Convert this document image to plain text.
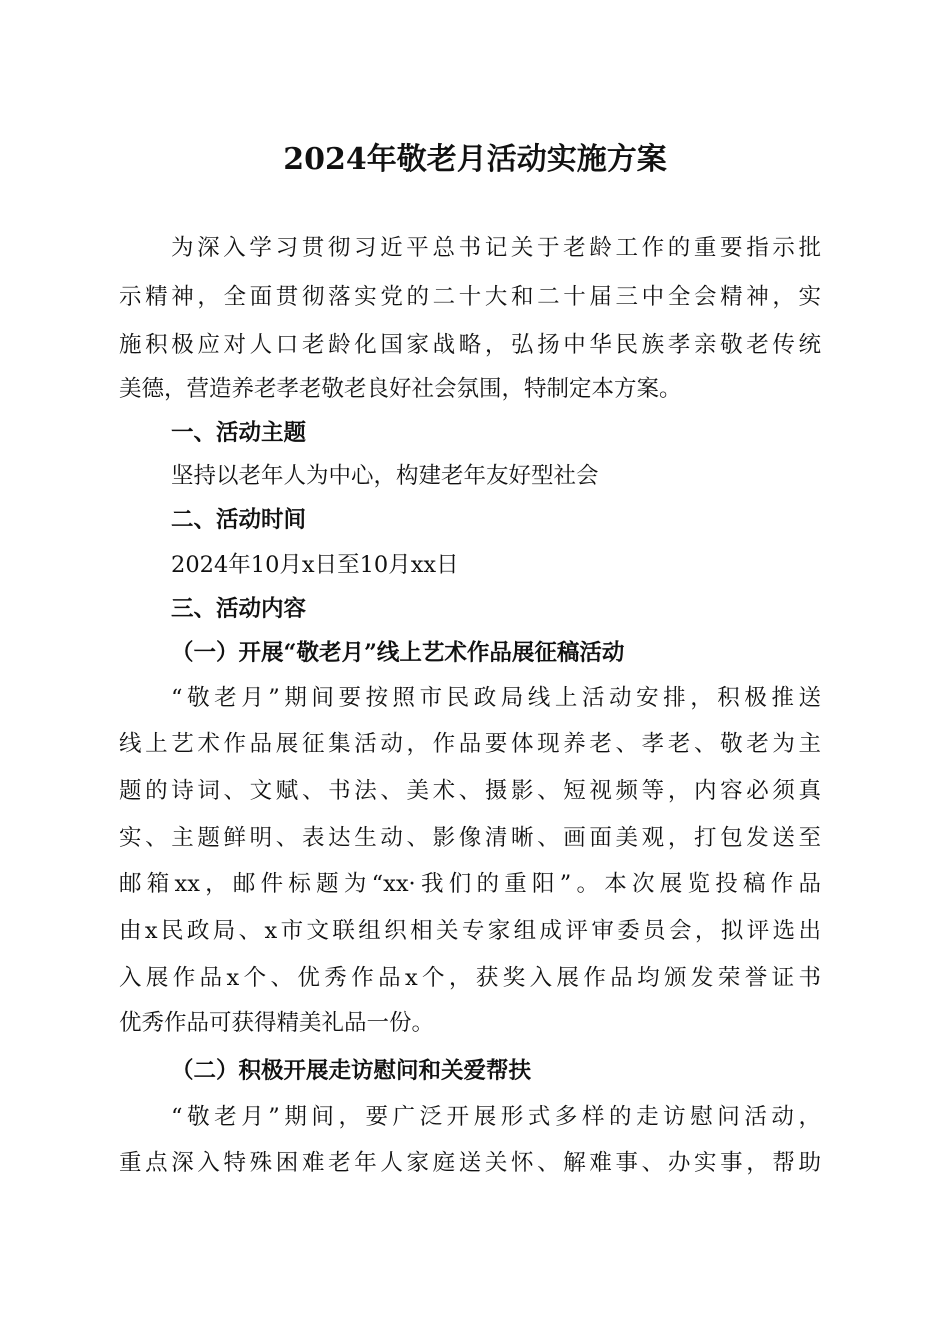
2024年敬老月活动实施方案
为深入学习贯彻习近平总书记关于老龄工作的重要指示批
示精神，全面贯彻落实党的二十大和二十届三中全会精神，实
施积极应对人口老龄化国家战略，弘扬中华民族孝亲敬老传统
美德，营造养老孝老敬老良好社会氛围，特制定本方案。
一、活动主题
坚持以老年人为中心，构建老年友好型社会
二、活动时间
2024年10月x日至10月xx日
三、活动内容
（一）开展“敬老月”线上艺术作品展征稿活动
“敬老月”期间要按照市民政局线上活动安排，积极推送
线上艺术作品展征集活动，作品要体现养老、孝老、敬老为主
题的诗词、文赋、书法、美术、摄影、短视频等，内容必须真
实、主题鲜明、表达生动、影像清晰、画面美观，打包发送至
邮箱xx，邮件标题为“xx·我们的重阳”。本次展览投稿作品
由x民政局、x市文联组织相关专家组成评审委员会，拟评选出
入展作品x个、优秀作品x个，获奖入展作品均颁发荣誉证书
优秀作品可获得精美礼品一份。
（二）积极开展走访慰问和关爱帮扶
“敬老月”期间，要广泛开展形式多样的走访慰问活动，
重点深入特殊困难老年人家庭送关怀、解难事、办实事，帮助
